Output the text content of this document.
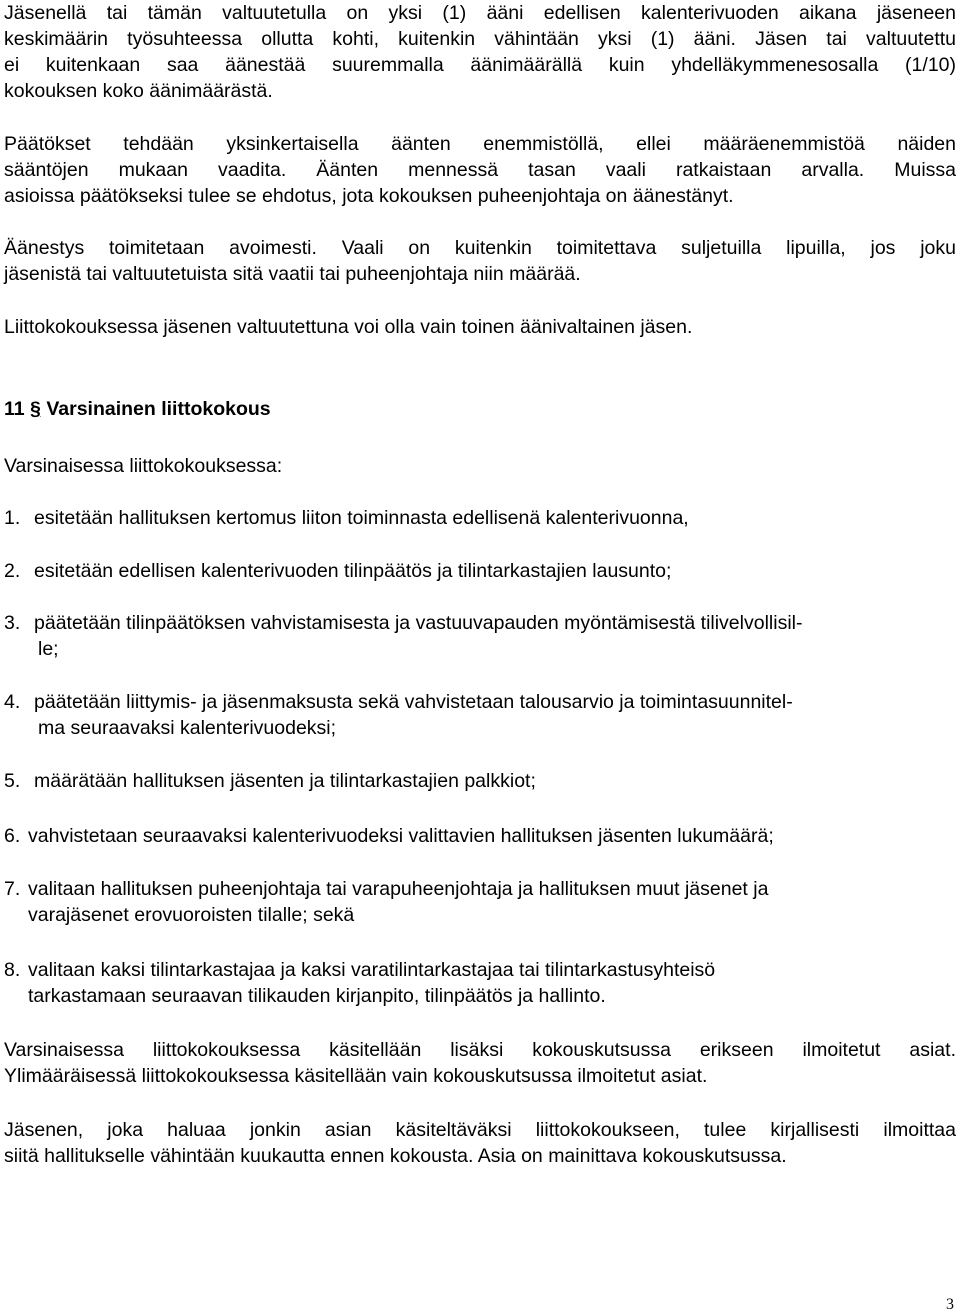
Jäsenellä tai tämän valtuutetulla on yksi (1) ääni edellisen kalenterivuoden aikana jäseneen
keskimäärin työsuhteessa ollutta kohti, kuitenkin vähintään yksi (1) ääni. Jäsen tai valtuutettu
ei kuitenkaan saa äänestää suuremmalla äänimäärällä kuin yhdelläkymmenesosalla (1/10)
kokouksen koko äänimäärästä.
Päätökset tehdään yksinkertaisella äänten enemmistöllä, ellei määräenemmistöä näiden
sääntöjen mukaan vaadita. Äänten mennessä tasan vaali ratkaistaan arvalla. Muissa
asioissa päätökseksi tulee se ehdotus, jota kokouksen puheenjohtaja on äänestänyt.
Äänestys toimitetaan avoimesti. Vaali on kuitenkin toimitettava suljetuilla lipuilla, jos joku
jäsenistä tai valtuutetuista sitä vaatii tai puheenjohtaja niin määrää.
Liittokokouksessa jäsenen valtuutettuna voi olla vain toinen äänivaltainen jäsen.
11 § Varsinainen liittokokous
Varsinaisessa liittokokouksessa:
1. esitetään hallituksen kertomus liiton toiminnasta edellisenä kalenterivuonna,
2. esitetään edellisen kalenterivuoden tilinpäätös ja tilintarkastajien lausunto;
3. päätetään tilinpäätöksen vahvistamisesta ja vastuuvapauden myöntämisestä tilivelvollisil-
le;
4. päätetään liittymis- ja jäsenmaksusta sekä vahvistetaan talousarvio ja toimintasuunnitel-
ma seuraavaksi kalenterivuodeksi;
5. määrätään hallituksen jäsenten ja tilintarkastajien palkkiot;
6. vahvistetaan seuraavaksi kalenterivuodeksi valittavien hallituksen jäsenten lukumäärä;
7. valitaan hallituksen puheenjohtaja tai varapuheenjohtaja ja hallituksen muut jäsenet ja
varajäsenet erovuoroisten tilalle; sekä
8. valitaan kaksi tilintarkastajaa ja kaksi varatilintarkastajaa tai tilintarkastusyhteisö
tarkastamaan seuraavan tilikauden kirjanpito, tilinpäätös ja hallinto.
Varsinaisessa liittokokouksessa käsitellään lisäksi kokouskutsussa erikseen ilmoitetut asiat.
Ylimääräisessä liittokokouksessa käsitellään vain kokouskutsussa ilmoitetut asiat.
Jäsenen, joka haluaa jonkin asian käsiteltäväksi liittokokoukseen, tulee kirjallisesti ilmoittaa
siitä hallitukselle vähintään kuukautta ennen kokousta. Asia on mainittava kokouskutsussa.
3
